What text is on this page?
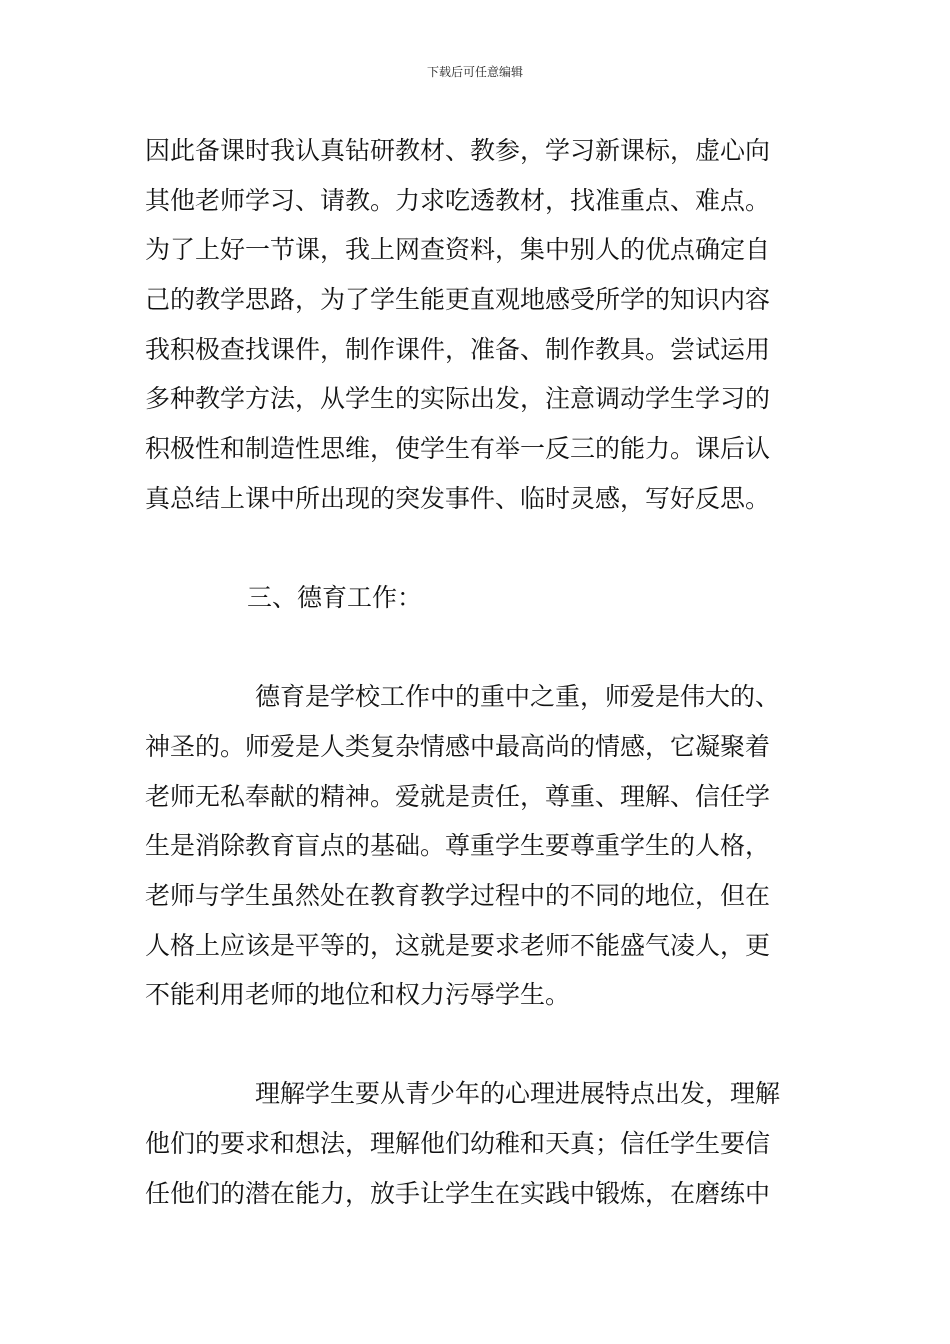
下载后可任意编辑
因此备课时我认真钻研教材、教参，学习新课标，虚心向
其他老师学习、请教。力求吃透教材，找准重点、难点。
为了上好一节课，我上网查资料，集中别人的优点确定自
己的教学思路，为了学生能更直观地感受所学的知识内容
我积极查找课件，制作课件，准备、制作教具。尝试运用
多种教学方法，从学生的实际出发，注意调动学生学习的
积极性和制造性思维，使学生有举一反三的能力。课后认
真总结上课中所出现的突发事件、临时灵感，写好反思。
三、德育工作：
德育是学校工作中的重中之重，师爱是伟大的、
神圣的。师爱是人类复杂情感中最高尚的情感，它凝聚着
老师无私奉献的精神。爱就是责任，尊重、理解、信任学
生是消除教育盲点的基础。尊重学生要尊重学生的人格，
老师与学生虽然处在教育教学过程中的不同的地位，但在
人格上应该是平等的，这就是要求老师不能盛气凌人，更
不能利用老师的地位和权力污辱学生。
理解学生要从青少年的心理进展特点出发，理解
他们的要求和想法，理解他们幼稚和天真；信任学生要信
任他们的潜在能力，放手让学生在实践中锻炼，在磨练中
